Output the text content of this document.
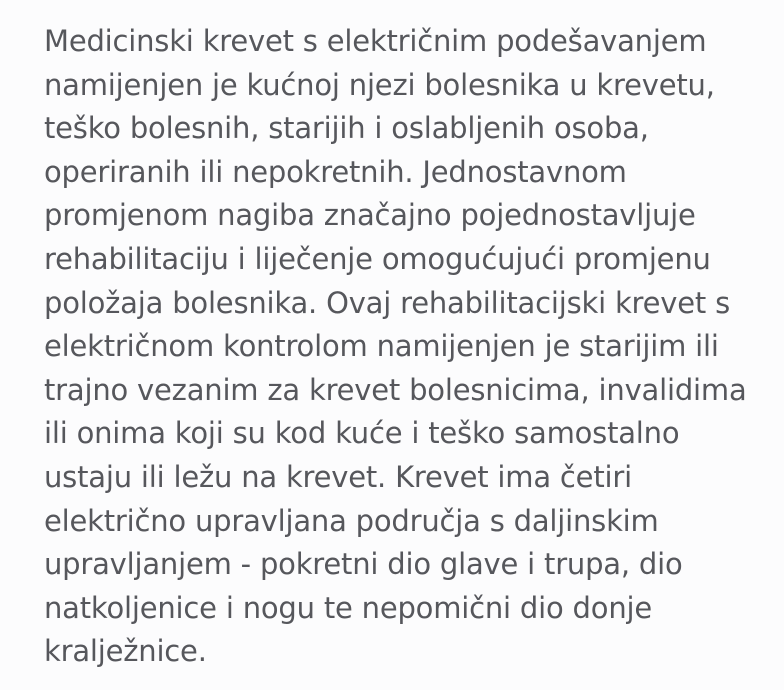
Medicinski krevet s električnim podešavanjem
namijenjen je kućnoj njezi bolesnika u krevetu,
teško bolesnih, starijih i oslabljenih osoba,
operiranih ili nepokretnih. Jednostavnom
promjenom nagiba značajno pojednostavljuje
rehabilitaciju i liječenje omogućujući promjenu
položaja bolesnika. Ovaj rehabilitacijski krevet s
električnom kontrolom namijenjen je starijim ili
trajno vezanim za krevet bolesnicima, invalidima
ili onima koji su kod kuće i teško samostalno
ustaju ili ležu na krevet. Krevet ima četiri
električno upravljana područja s daljinskim
upravljanjem - pokretni dio glave i trupa, dio
natkoljenice i nogu te nepomični dio donje
kralježnice.
